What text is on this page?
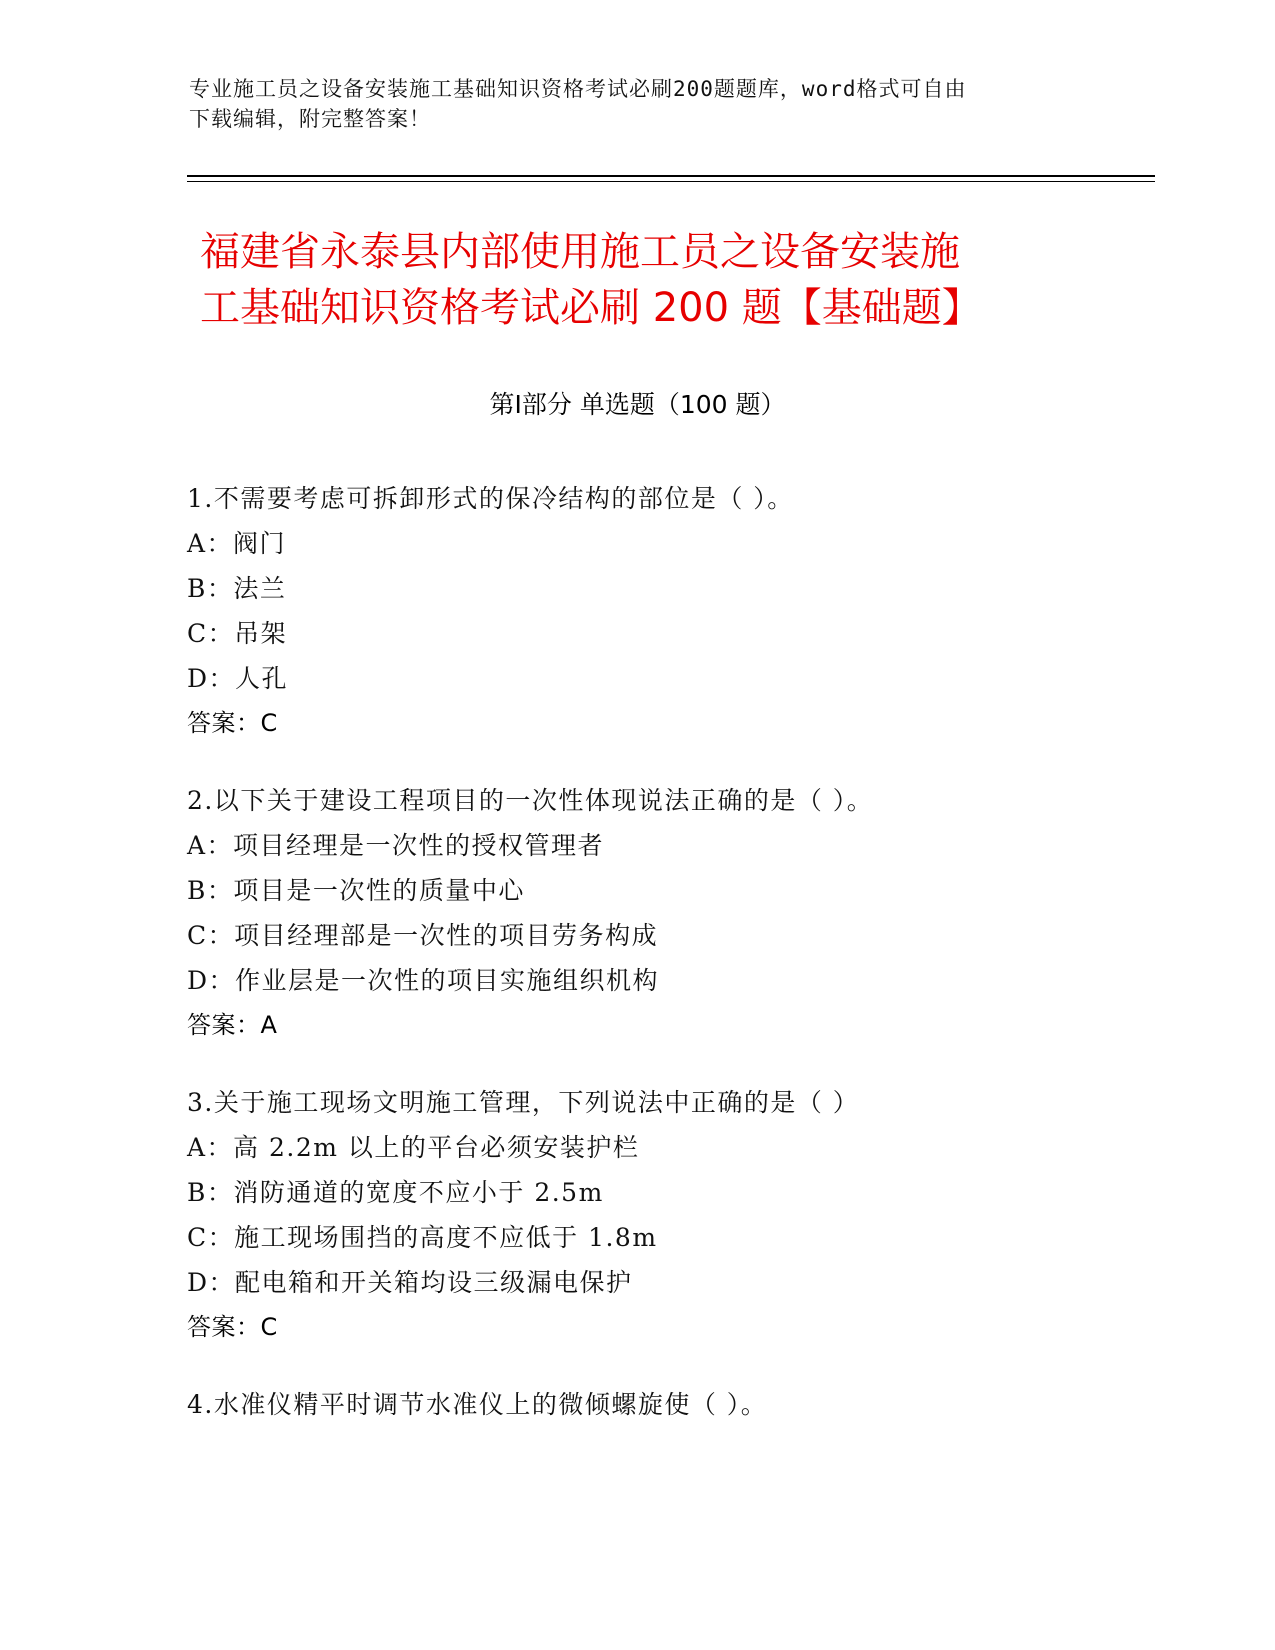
专业施工员之设备安装施工基础知识资格考试必刷200题题库，word格式可自由
下载编辑，附完整答案！
福建省永泰县内部使用施工员之设备安装施
工基础知识资格考试必刷 200 题【基础题】
第Ⅰ部分 单选题（100 题）
1.不需要考虑可拆卸形式的保冷结构的部位是（ ）。
A：阀门
B：法兰
C：吊架
D：人孔
答案：C
2.以下关于建设工程项目的一次性体现说法正确的是（ ）。
A：项目经理是一次性的授权管理者
B：项目是一次性的质量中心
C：项目经理部是一次性的项目劳务构成
D：作业层是一次性的项目实施组织机构
答案：A
3.关于施工现场文明施工管理，下列说法中正确的是（ ）
A：高 2.2m 以上的平台必须安装护栏
B：消防通道的宽度不应小于 2.5m
C：施工现场围挡的高度不应低于 1.8m
D：配电箱和开关箱均设三级漏电保护
答案：C
4.水准仪精平时调节水准仪上的微倾螺旋使（ ）。
